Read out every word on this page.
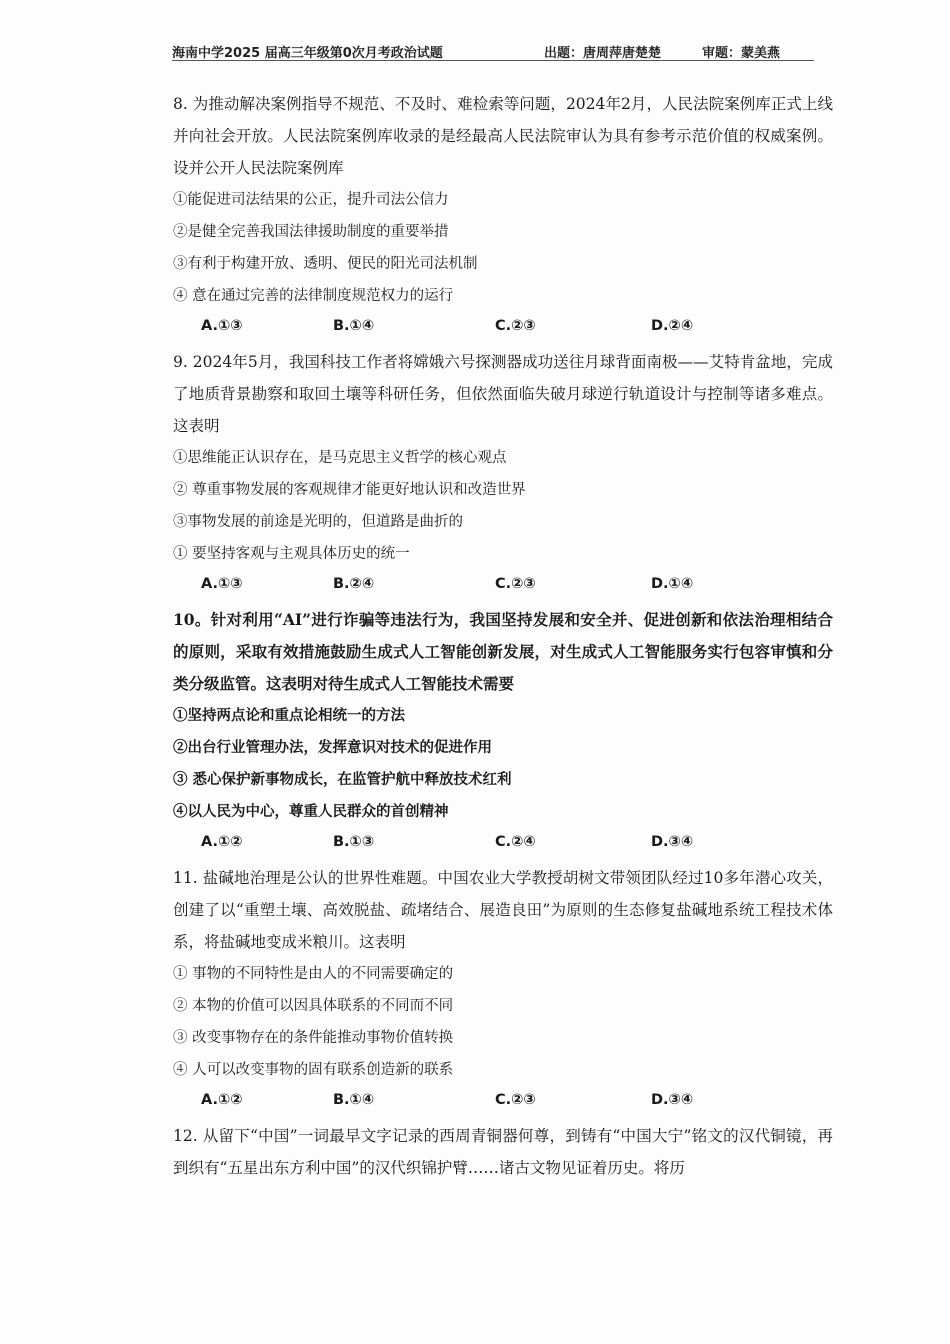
海南中学2025 届高三年级第0次月考政治试题	出题：唐周萍唐楚楚	审题：蒙美燕

8. 为推动解决案例指导不规范、不及时、难检索等问题，2024年2月，人民法院案例库正式上线并向社会开放。人民法院案例库收录的是经最高人民法院审认为具有参考示范价值的权威案例。设并公开人民法院案例库

①能促进司法结果的公正，提升司法公信力

②是健全完善我国法律援助制度的重要举措

③有利于构建开放、透明、便民的阳光司法机制

④ 意在通过完善的法律制度规范权力的运行

A.①③	B.①④	C.②③	D.②④

9. 2024年5月，我国科技工作者将嫦娥六号探测器成功送往月球背面南极——艾特肯盆地，完成了地质背景勘察和取回土壤等科研任务，但依然面临失破月球逆行轨道设计与控制等诸多难点。这表明

①思维能正认识存在，是马克思主义哲学的核心观点

② 尊重事物发展的客观规律才能更好地认识和改造世界

③事物发展的前途是光明的，但道路是曲折的

① 要坚持客观与主观具体历史的统一

A.①③	B.②④	C.②③	D.①④

10。针对利用“AI”进行诈骗等违法行为，我国坚持发展和安全并、促进创新和依法治理相结合的原则，采取有效措施鼓励生成式人工智能创新发展，对生成式人工智能服务实行包容审慎和分类分级监管。这表明对待生成式人工智能技术需要

①坚持两点论和重点论相统一的方法

②出台行业管理办法，发挥意识对技术的促进作用

③ 悉心保护新事物成长，在监管护航中释放技术红利

④以人民为中心，尊重人民群众的首创精神

A.①②	B.①③	C.②④	D.③④

11. 盐碱地治理是公认的世界性难题。中国农业大学教授胡树文带领团队经过10多年潜心攻关，创建了以“重塑土壤、高效脱盐、疏堵结合、展造良田”为原则的生态修复盐碱地系统工程技术体系，将盐碱地变成米粮川。这表明

① 事物的不同特性是由人的不同需要确定的

② 本物的价值可以因具体联系的不同而不同

③ 改变事物存在的条件能推动事物价值转换

④ 人可以改变事物的固有联系创造新的联系

A.①②	B.①④	C.②③	D.③④

12. 从留下“中国”一词最早文字记录的西周青铜器何尊，到铸有“中国大宁”铭文的汉代铜镜，再到织有“五星出东方利中国”的汉代织锦护臂……诸古文物见证着历史。将历
